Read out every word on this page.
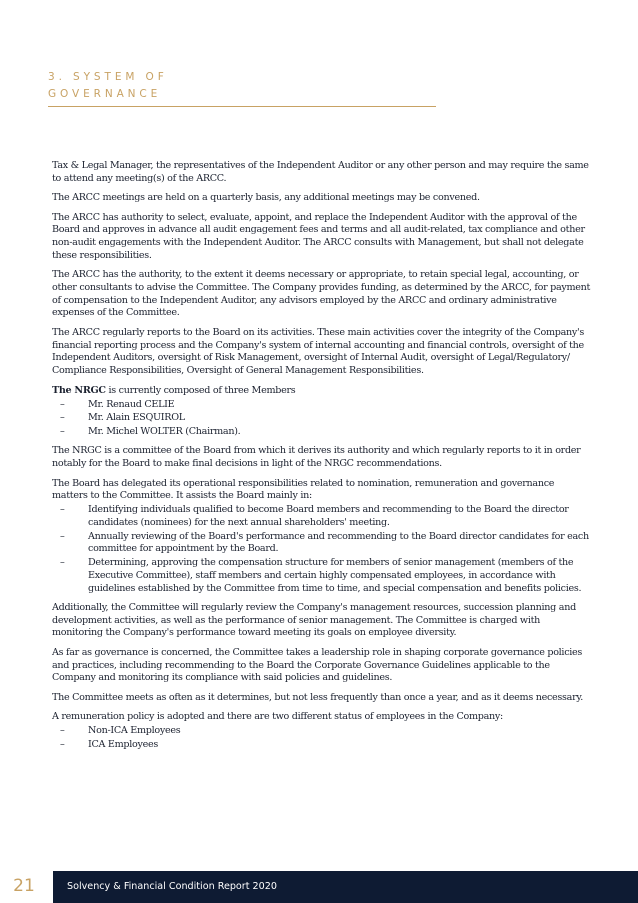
3. SYSTEM OF
GOVERNANCE

Tax & Legal Manager, the representatives of the Independent Auditor or any other person and may require the same to attend any meeting(s) of the ARCC.

The ARCC meetings are held on a quarterly basis, any additional meetings may be convened.

The ARCC has authority to select, evaluate, appoint, and replace the Independent Auditor with the approval of the Board and approves in advance all audit engagement fees and terms and all audit-related, tax compliance and other non-audit engagements with the Independent Auditor. The ARCC consults with Management, but shall not delegate these responsibilities.

The ARCC has the authority, to the extent it deems necessary or appropriate, to retain special legal, accounting, or other consultants to advise the Committee. The Company provides funding, as determined by the ARCC, for payment of compensation to the Independent Auditor, any advisors employed by the ARCC and ordinary administrative expenses of the Committee.

The ARCC regularly reports to the Board on its activities. These main activities cover the integrity of the Company's financial reporting process and the Company's system of internal accounting and financial controls, oversight of the Independent Auditors, oversight of Risk Management, oversight of Internal Audit, oversight of Legal/Regulatory/ Compliance Responsibilities, Oversight of General Management Responsibilities.

The NRGC is currently composed of three Members

– Mr. Renaud CELIE
– Mr. Alain ESQUIROL
– Mr. Michel WOLTER (Chairman).

The NRGC is a committee of the Board from which it derives its authority and which regularly reports to it in order notably for the Board to make final decisions in light of the NRGC recommendations.

The Board has delegated its operational responsibilities related to nomination, remuneration and governance matters to the Committee. It assists the Board mainly in:

– Identifying individuals qualified to become Board members and recommending to the Board the director candidates (nominees) for the next annual shareholders' meeting.
– Annually reviewing of the Board's performance and recommending to the Board director candidates for each committee for appointment by the Board.
– Determining, approving the compensation structure for members of senior management (members of the Executive Committee), staff members and certain highly compensated employees, in accordance with guidelines established by the Committee from time to time, and special compensation and benefits policies.

Additionally, the Committee will regularly review the Company's management resources, succession planning and development activities, as well as the performance of senior management. The Committee is charged with monitoring the Company's performance toward meeting its goals on employee diversity.

As far as governance is concerned, the Committee takes a leadership role in shaping corporate governance policies and practices, including recommending to the Board the Corporate Governance Guidelines applicable to the Company and monitoring its compliance with said policies and guidelines.

The Committee meets as often as it determines, but not less frequently than once a year, and as it deems necessary.

A remuneration policy is adopted and there are two different status of employees in the Company:

– Non-ICA Employees
– ICA Employees
21	Solvency & Financial Condition Report 2020
